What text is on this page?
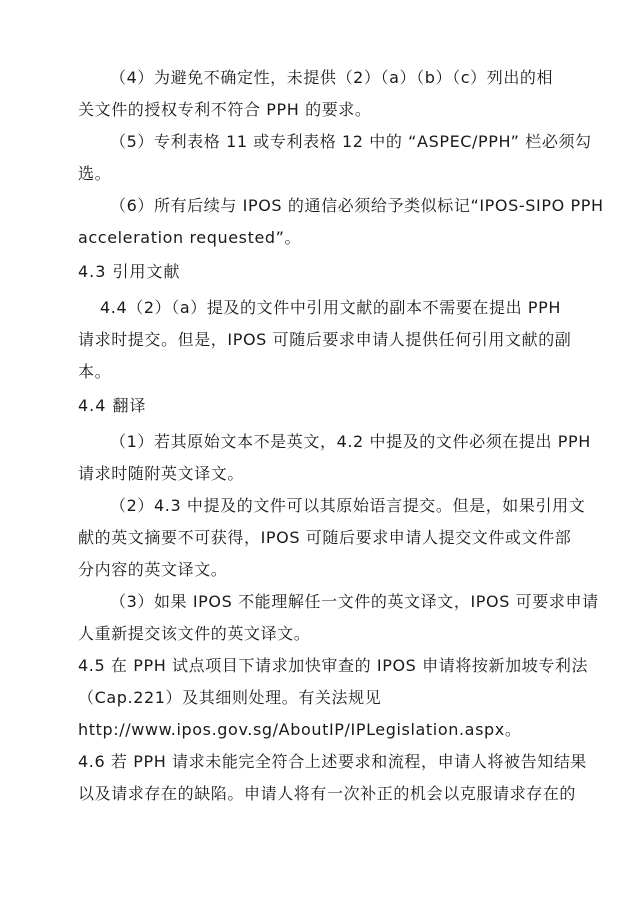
（4）为避免不确定性，未提供（2）（a）（b）（c）列出的相
关文件的授权专利不符合 PPH 的要求。
（5）专利表格 11 或专利表格 12 中的 “ASPEC/PPH” 栏必须勾
选。
（6）所有后续与 IPOS 的通信必须给予类似标记“IPOS-SIPO PPH
acceleration requested”。
4.3 引用文献
4.4（2）（a）提及的文件中引用文献的副本不需要在提出 PPH
请求时提交。但是，IPOS 可随后要求申请人提供任何引用文献的副
本。
4.4 翻译
（1）若其原始文本不是英文，4.2 中提及的文件必须在提出 PPH
请求时随附英文译文。
（2）4.3 中提及的文件可以其原始语言提交。但是，如果引用文
献的英文摘要不可获得，IPOS 可随后要求申请人提交文件或文件部
分内容的英文译文。
（3）如果 IPOS 不能理解任一文件的英文译文，IPOS 可要求申请
人重新提交该文件的英文译文。
4.5 在 PPH 试点项目下请求加快审查的 IPOS 申请将按新加坡专利法
（Cap.221）及其细则处理。有关法规见
http://www.ipos.gov.sg/AboutIP/IPLegislation.aspx。
4.6 若 PPH 请求未能完全符合上述要求和流程，申请人将被告知结果
以及请求存在的缺陷。申请人将有一次补正的机会以克服请求存在的
